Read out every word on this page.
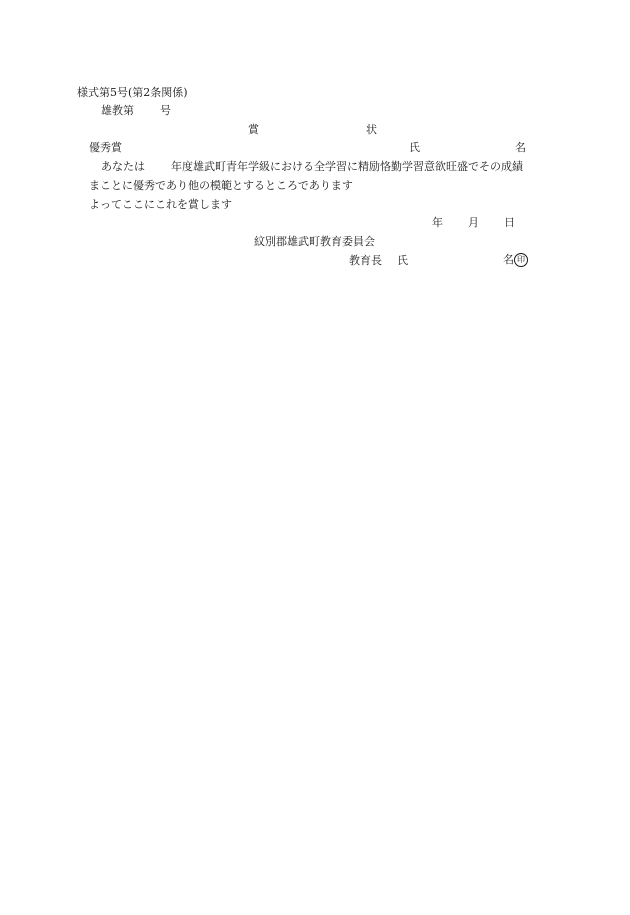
様式第5号(第2条関係)
雄教第 号
賞	状
優秀賞	氏	名
あなたは 年度雄武町青年学級における全学習に精励恪勤学習意欲旺盛でその成績
まことに優秀であり他の模範とするところであります
よってここにこれを賞します
年 月 日
紋別郡雄武町教育委員会
教育長 氏	名 印
